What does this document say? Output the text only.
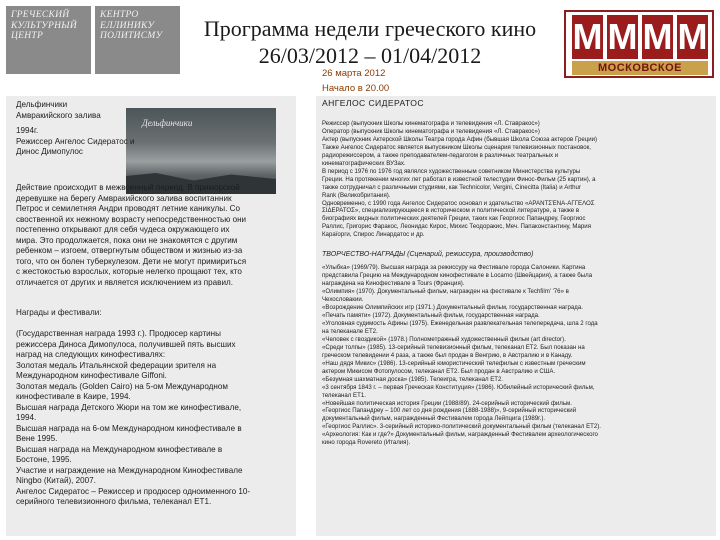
ГРЕЧЕСКИЙ
КУЛЬТУРНЫЙ
ЦЕНТР
КЕНТРО
ЕЛЛИНИКУ
ПОЛИТИСМУ	Программа недели греческого кино
26/03/2012 – 01/04/2012
26 марта 2012
Начало в 20.00
М М М М
МОСКОВСКОЕ
Дельфинчики
Амвракийского залива
Дельфинчики
1994г.
Режиссер Ангелос Сидератос и
Динос Димопулос

Действие происходит в межвоенный период. В приморской

деревушке на берегу Амвракийского залива воспитанник

Петрос и семилетняя Андри проводят летние каникулы. Со

своственной их нежному возрасту непосредственностью они

постепенно открывают для себя чудеса окружающего их

мира. Это продолжается, пока они не знакомятся с другим

ребенком – изгоем, отвергнутым обществом и жизнью из-за

того, что он болен туберкулезом. Дети не могут примириться

с жестокостью взрослых, которые нелегко прощают тех, кто

отличается от других и является исключением из правил.

Награды и фестивали:

(Государственная награда 1993 г.). Продюсер картины

режиссера Диноса Димопулоса, получившей пять высших

наград на следующих кинофестивалях:

Золотая медаль Итальянской федерации зрителя на

Международном кинофестивале Giffoni.

Золотая медаль (Golden Cairo) на 5-ом Международном

кинофестивале в Каире, 1994.

Высшая награда Детского Жюри на том же кинофестивале,

1994.

Высшая награда на 6-ом Международном кинофестивале в

Вене 1995.

Высшая награда на Международном кинофестивале в

Бостоне, 1995.

Участие и награждение на Международном Кинофестивале

Ningbo (Китай), 2007.

Ангелос Сидератос – Режиссер и продюсер одноименного 10-

серийного телевизионного фильма, телеканал ЕТ1.

АНГЕЛОС СИДЕРАТОС
Режиссер (выпускник Школы кинематографа и телевидения «Л. Ставракос»)
Оператор (выпускник Школы кинематографа и телевидения «Л. Ставракос»)
Актер (выпускник Актерской Школы Театра города Афин (бывшая Школа Союза актеров Греции)
Также Ангелос Сидератос является выпускником Школы сценария телевизионных постановок,
радиорежиссером, а также преподавателем-педагогом в различных театральных и
кинематографических ВУЗах.
В период с 1976 по 1976 год являлся художественным советником Министерства культуры
Греции. На протяжении многих лет работал в известной телестудии Финос-Фильм (25 картин), а
также сотрудничал с различными студиями, как Technicolor, Vergini, Cinecitta (Italia) и Arthur
Rank (Великобритания).
Одновременно, с 1990 года Ангелос Сидератос основал и здательство «ΑΡΑΝΤΣΈΝΑ-ΑΓΓΕΛΟΣ
ΣΙΔΕΡΑΤΟΣ», специализирующееся в историческом и политической литературе, а также в
биографиях видных политических деятелей Греции, таких как Георгиос Папандреу, Георгиос
Раллис, Григорис Фаракос, Леонидас Кирос, Михис Теодоракис, Меч. Папаконстантину, Мария
Караїорги, Спирос Линардатос и др.
ТВОРЧЕСТВО-НАГРАДЫ (Сценарий, режиссура, производство)
«Улыбка» (1969/79). Высшая награда за режиссуру на Фестивале города Салоники. Картина
представила Грецию на Международном кинофестивале в Locarno (Швейцария), а также была
награждена на Кинофестивале в Tours (Франция).
«Олимпия» (1970). Документальный фильм, награжден на фестивале к Techfilm' '76» в
Чехословакии.
«Возрождение Олимпийских игр (1971.) Документальный фильм, государственная награда.
«Печать памяти» (1972). Документальный фильм, государственная награда.
«Уголовная судимость Афины (1975). Еженедельная развлекательная телепередача, шла 2 года
на телеканале ЕТ2.
«Человек с гвоздикой» (1978.) Полнометражный художественный фильм (art director).
«Среди толпы» (1985). 13-серийный телевизионный фильм, телеканал ЕТ2. Был показан на
греческом телевидении 4 раза, а также был продан в Венгрию, в Австралию и в Канаду.
«Наш дядя Микис» (1986). 13-серийный юмористический телефильм с известным греческим
актером Микисом Фотопулосом, телеканал ЕТ2. Был продан в Австралию и США.
«Безумная шахматная доска» (1985). Телеигра, телеканал ЕТ2.
«3 сентября 1843 г. – первая Греческая Конституция» (1986). Юбилейный исторический фильм,
телеканал ЕТ1.
«Новейшая политическая история Греции (1988/89). 24-серийный исторический фильм.
«Георгиос Папандреу – 100 лет со дня рождения (1888-1988)», 9-серийный исторический
документальный фильм, награжденный Фестивалем города Лейпцига (1989г.).
«Георгиос Раллис». 3-серийный историко-политический документальный фильм (телеканал ЕТ2).
«Археология: Как и где?» Документальный фильм, награжденный Фестивалем археологического
кино города Rovereto (Италия).
